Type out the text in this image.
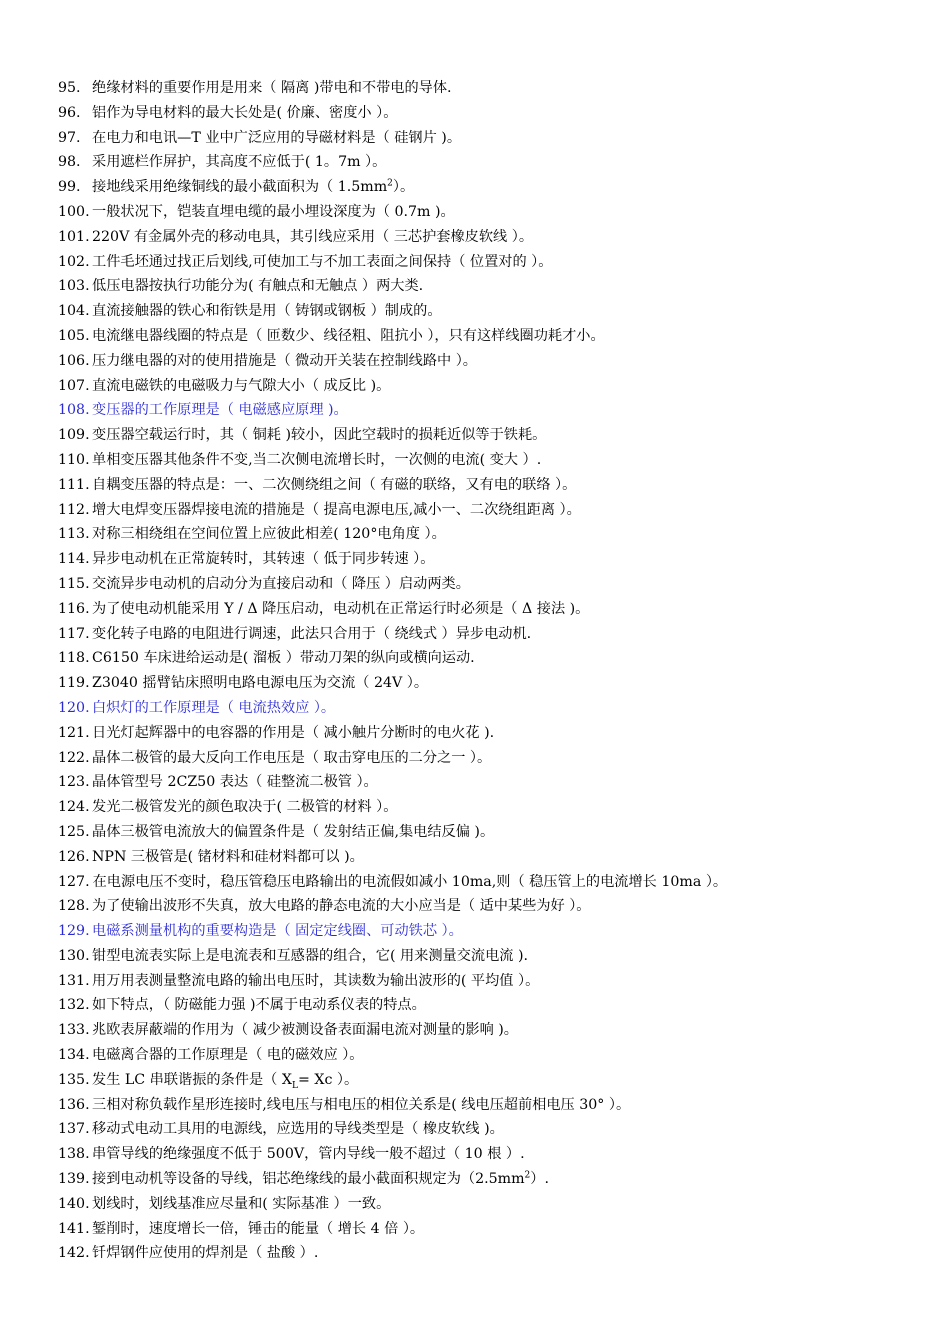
95. 绝缘材料的重要作用是用来（ 隔离 )带电和不带电的导体.
96. 铝作为导电材料的最大长处是( 价廉、密度小 ）。
97. 在电力和电讯—T 业中广泛应用的导磁材料是（ 硅钢片 )。
98. 采用遮栏作屏护，其高度不应低于( 1。7m ）。
99. 接地线采用绝缘铜线的最小截面积为（ $1.5mm^2$）。
100. 一般状况下，铠装直埋电缆的最小埋设深度为（ 0.7m )。
101. 220V 有金属外壳的移动电具，其引线应采用（ 三芯护套橡皮软线 ）。
102. 工件毛坯通过找正后划线,可使加工与不加工表面之间保持（ 位置对的 ）。
103. 低压电器按执行功能分为( 有触点和无触点 ）两大类.
104. 直流接触器的铁心和衔铁是用（ 铸钢或钢板 ）制成的。
105. 电流继电器线圈的特点是（ 匝数少、线径粗、阻抗小 ），只有这样线圈功耗才小。
106. 压力继电器的对的使用措施是（ 微动开关装在控制线路中 ）。
107. 直流电磁铁的电磁吸力与气隙大小（ 成反比 )。
108. 变压器的工作原理是（ 电磁感应原理 )。
109. 变压器空载运行时，其（ 铜耗 )较小，因此空载时的损耗近似等于铁耗。
110. 单相变压器其他条件不变,当二次侧电流增长时，一次侧的电流( 变大 ）.
111. 自耦变压器的特点是：一、二次侧绕组之间（ 有磁的联络，又有电的联络 ）。
112. 增大电焊变压器焊接电流的措施是（ 提高电源电压,减小一、二次绕组距离 ）。
113. 对称三相绕组在空间位置上应彼此相差( 120°电角度 ）。
114. 异步电动机在正常旋转时，其转速（ 低于同步转速 ）。
115. 交流异步电动机的启动分为直接启动和（ 降压 ）启动两类。
116. 为了使电动机能采用 Y / Δ 降压启动，电动机在正常运行时必须是（ Δ 接法 )。
117. 变化转子电路的电阻进行调速，此法只合用于（ 绕线式 ）异步电动机.
118. C6150 车床进给运动是( 溜板 ）带动刀架的纵向或横向运动.
119. Z3040 摇臂钻床照明电路电源电压为交流（ 24V ）。
120. 白炽灯的工作原理是（ 电流热效应 ）。
121. 日光灯起辉器中的电容器的作用是（ 减小触片分断时的电火花 ).
122. 晶体二极管的最大反向工作电压是（ 取击穿电压的二分之一 ）。
123. 晶体管型号 2CZ50 表达（ 硅整流二极管 ）。
124. 发光二极管发光的颜色取决于( 二极管的材料 ）。
125. 晶体三极管电流放大的偏置条件是（ 发射结正偏,集电结反偏 )。
126. NPN 三极管是( 锗材料和硅材料都可以 )。
127. 在电源电压不变时，稳压管稳压电路输出的电流假如减小 10ma,则（ 稳压管上的电流增长 10ma ）。
128. 为了使输出波形不失真，放大电路的静态电流的大小应当是（ 适中某些为好 ）。
129. 电磁系测量机构的重要构造是（ 固定定线圈、可动铁芯 ）。
130. 钳型电流表实际上是电流表和互感器的组合，它( 用来测量交流电流 ).
131. 用万用表测量整流电路的输出电压时，其读数为输出波形的( 平均值 ）。
132. 如下特点，（ 防磁能力强 )不属于电动系仪表的特点。
133. 兆欧表屏蔽端的作用为（ 减少被测设备表面漏电流对测量的影响 )。
134. 电磁离合器的工作原理是（ 电的磁效应 ）。
135. 发生 LC 串联谐振的条件是（ $X_L= Xc$ ）。
136. 三相对称负载作星形连接时,线电压与相电压的相位关系是( 线电压超前相电压 30° ）。
137. 移动式电动工具用的电源线，应选用的导线类型是（ 橡皮软线 )。
138. 串管导线的绝缘强度不低于 500V，管内导线一般不超过（ 10 根 ）.
139. 接到电动机等设备的导线，铝芯绝缘线的最小截面积规定为$(2.5mm^2)$.
140. 划线时，划线基准应尽量和( 实际基准 ）一致。
141. 錾削时，速度增长一倍，锤击的能量（ 增长 4 倍 ）。
142. 钎焊钢件应使用的焊剂是（ 盐酸 ）.
